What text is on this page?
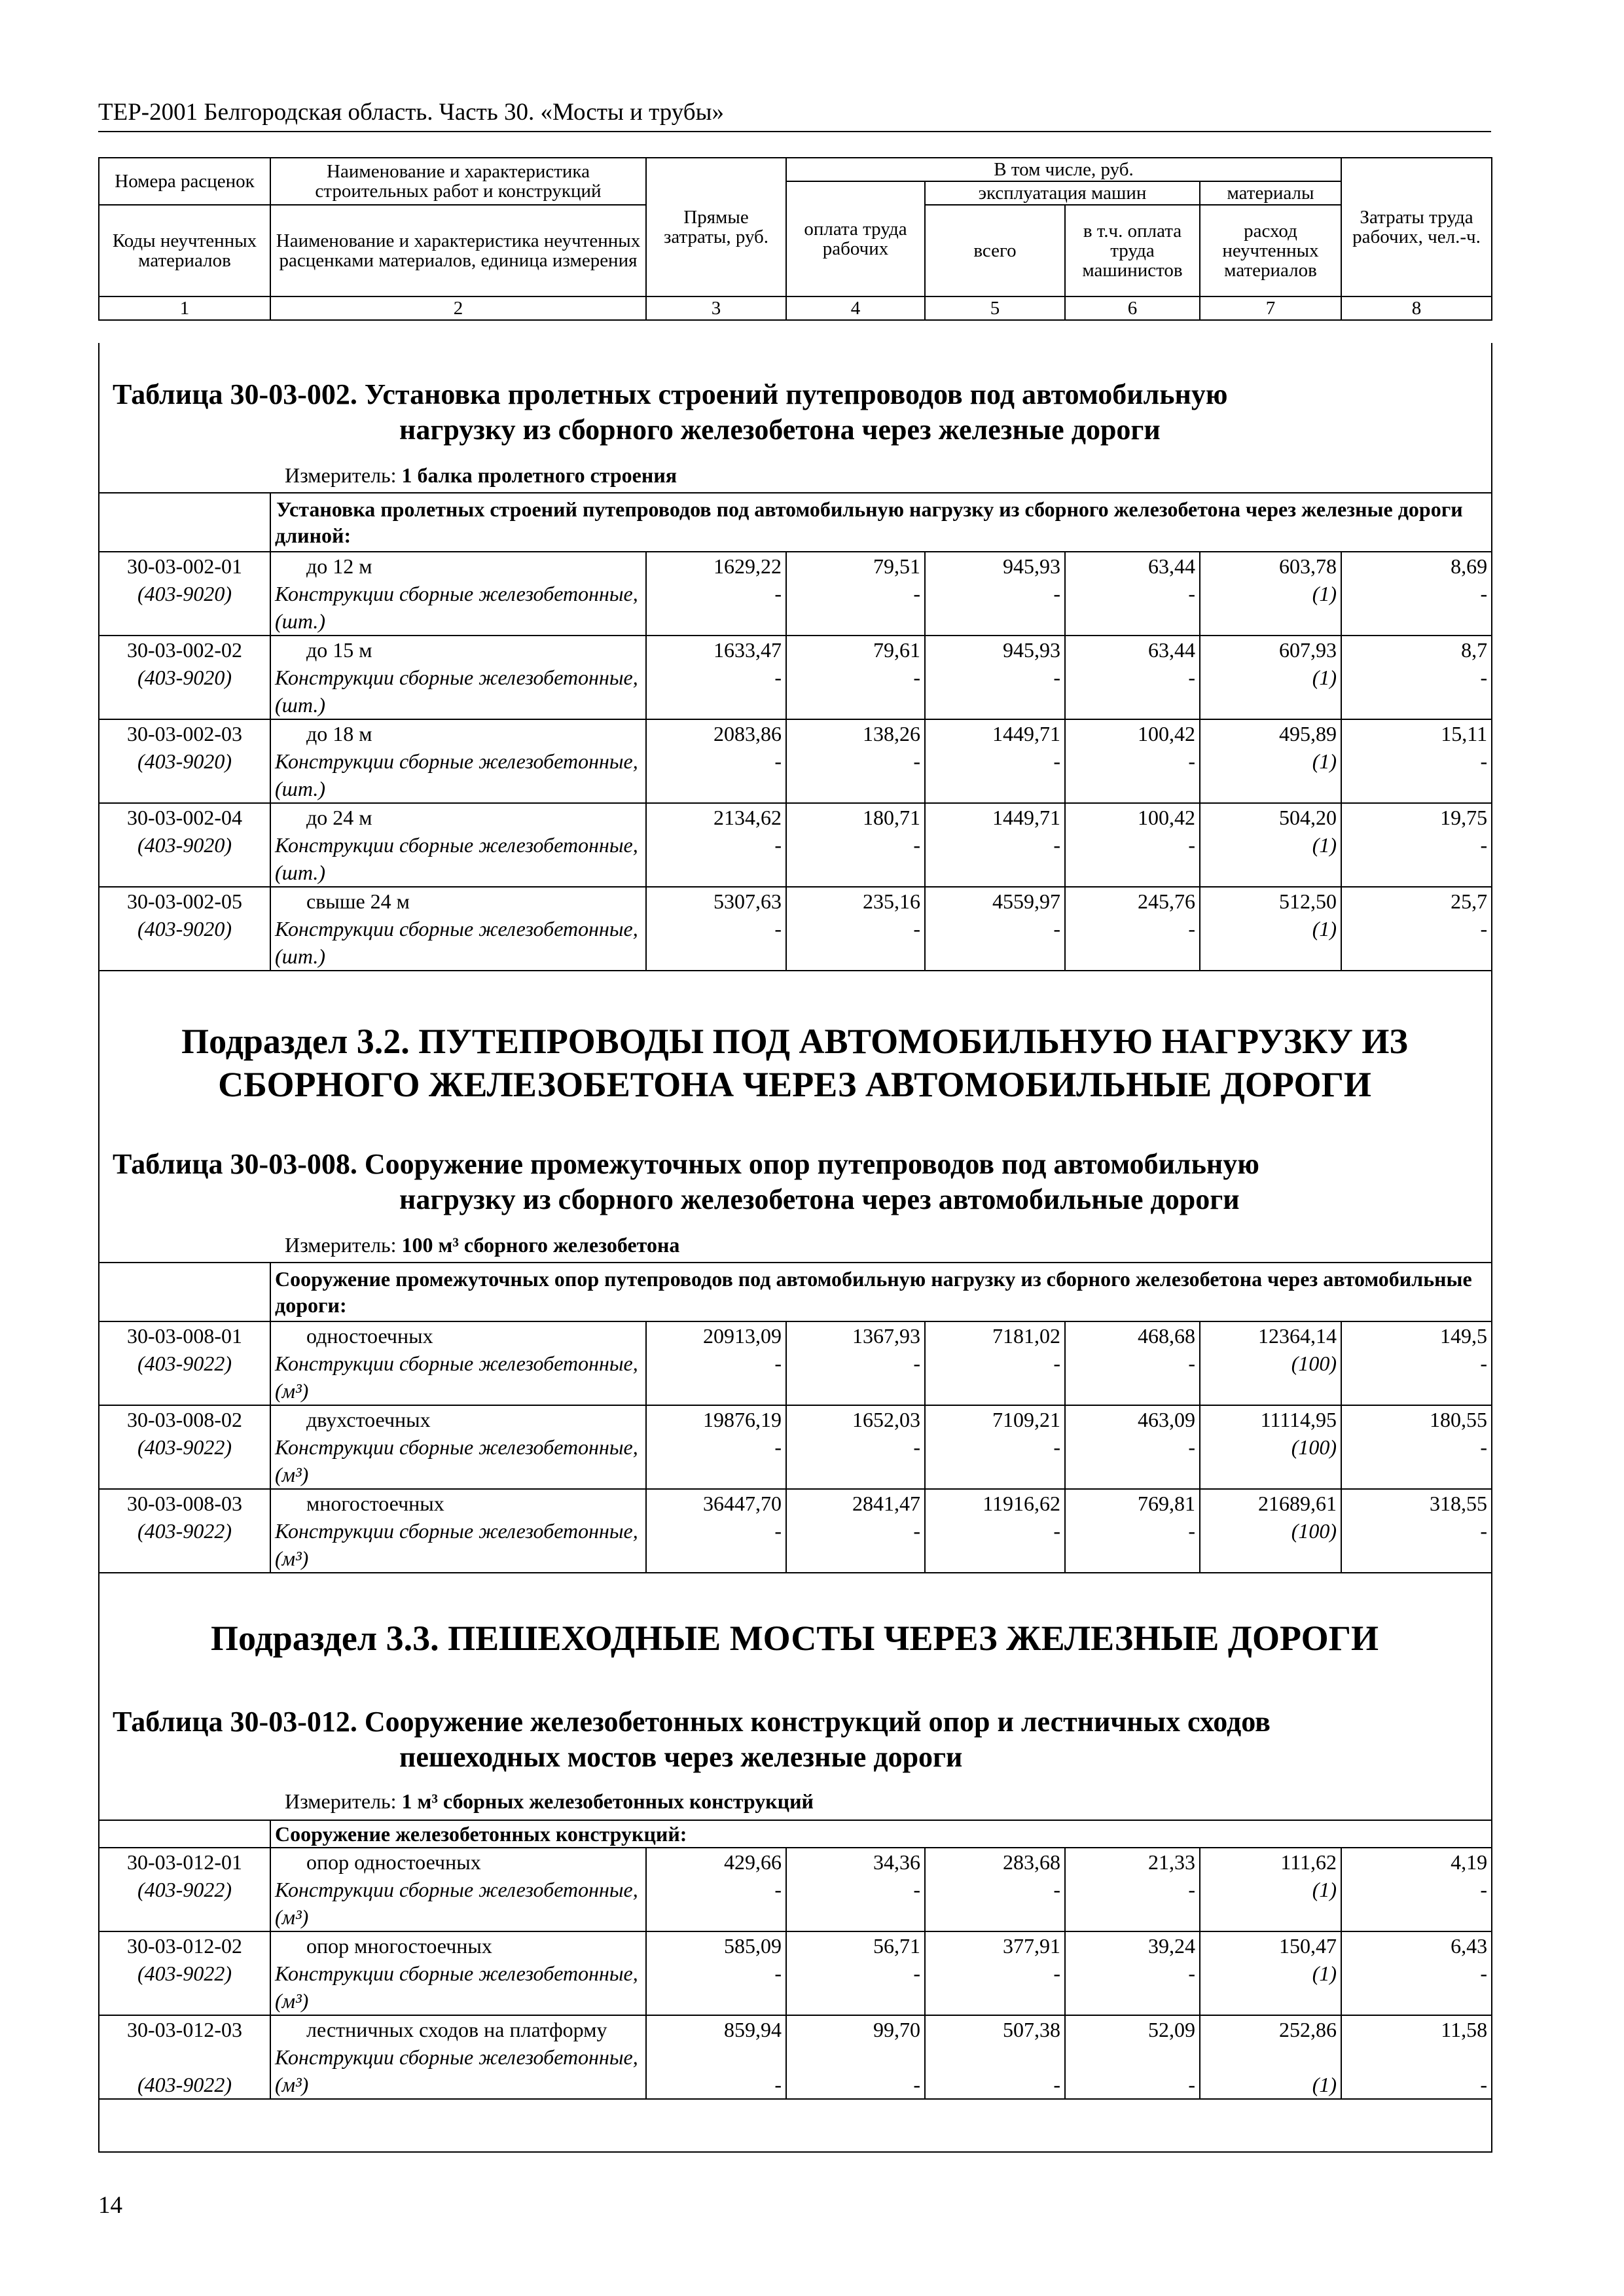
ТЕР-2001 Белгородская область. Часть 30. «Мосты и трубы»
Номера расценок	Наименование и характеристика строительных работ и конструкций	Прямые затраты, руб.	В том числе, руб.				Затраты труда рабочих, чел.-ч.
			оплата труда рабочих	эксплуатация машин		материалы	
Коды неучтенных материалов	Наименование и характеристика неучтенных расценками материалов, единица измерения			всего	в т.ч. оплата труда машинистов	расход неучтенных материалов	
1	2	3	4	5	6	7	8
Таблица 30-03-002. Установка пролетных строений путепроводов под автомобильную
нагрузку из сборного железобетона через железные дороги
Измеритель: 1 балка пролетного строения
	Установка пролетных строений путепроводов под автомобильную нагрузку из сборного железобетона через железные дороги длиной:						
30-03-002-01	до 12 м	1629,22	79,51	945,93	63,44	603,78	8,69
(403-9020)	Конструкции сборные железобетонные, (шт.)	-	-	-	-	(1)	-
30-03-002-02	до 15 м	1633,47	79,61	945,93	63,44	607,93	8,7
(403-9020)	Конструкции сборные железобетонные, (шт.)	-	-	-	-	(1)	-
30-03-002-03	до 18 м	2083,86	138,26	1449,71	100,42	495,89	15,11
(403-9020)	Конструкции сборные железобетонные, (шт.)	-	-	-	-	(1)	-
30-03-002-04	до 24 м	2134,62	180,71	1449,71	100,42	504,20	19,75
(403-9020)	Конструкции сборные железобетонные, (шт.)	-	-	-	-	(1)	-
30-03-002-05	свыше 24 м	5307,63	235,16	4559,97	245,76	512,50	25,7
(403-9020)	Конструкции сборные железобетонные, (шт.)	-	-	-	-	(1)	-
Подраздел 3.2. ПУТЕПРОВОДЫ ПОД АВТОМОБИЛЬНУЮ НАГРУЗКУ ИЗ СБОРНОГО ЖЕЛЕЗОБЕТОНА ЧЕРЕЗ АВТОМОБИЛЬНЫЕ ДОРОГИ
Таблица 30-03-008. Сооружение промежуточных опор путепроводов под автомобильную
нагрузку из сборного железобетона через автомобильные дороги
Измеритель: 100 м³ сборного железобетона
	Сооружение промежуточных опор путепроводов под автомобильную нагрузку из сборного железобетона через автомобильные дороги:						
30-03-008-01	одностоечных	20913,09	1367,93	7181,02	468,68	12364,14	149,5
(403-9022)	Конструкции сборные железобетонные, (м³)	-	-	-	-	(100)	-
30-03-008-02	двухстоечных	19876,19	1652,03	7109,21	463,09	11114,95	180,55
(403-9022)	Конструкции сборные железобетонные, (м³)	-	-	-	-	(100)	-
30-03-008-03	многостоечных	36447,70	2841,47	11916,62	769,81	21689,61	318,55
(403-9022)	Конструкции сборные железобетонные, (м³)	-	-	-	-	(100)	-
Подраздел 3.3. ПЕШЕХОДНЫЕ МОСТЫ ЧЕРЕЗ ЖЕЛЕЗНЫЕ ДОРОГИ
Таблица 30-03-012. Сооружение железобетонных конструкций опор и лестничных сходов
пешеходных мостов через железные дороги
Измеритель: 1 м³ сборных железобетонных конструкций
	Сооружение железобетонных конструкций:						
30-03-012-01	опор одностоечных	429,66	34,36	283,68	21,33	111,62	4,19
(403-9022)	Конструкции сборные железобетонные, (м³)	-	-	-	-	(1)	-
30-03-012-02	опор многостоечных	585,09	56,71	377,91	39,24	150,47	6,43
(403-9022)	Конструкции сборные железобетонные, (м³)	-	-	-	-	(1)	-
30-03-012-03	лестничных сходов на платформу	859,94	99,70	507,38	52,09	252,86	11,58
(403-9022)	Конструкции сборные железобетонные, (м³)	-	-	-	-	(1)	-
14
